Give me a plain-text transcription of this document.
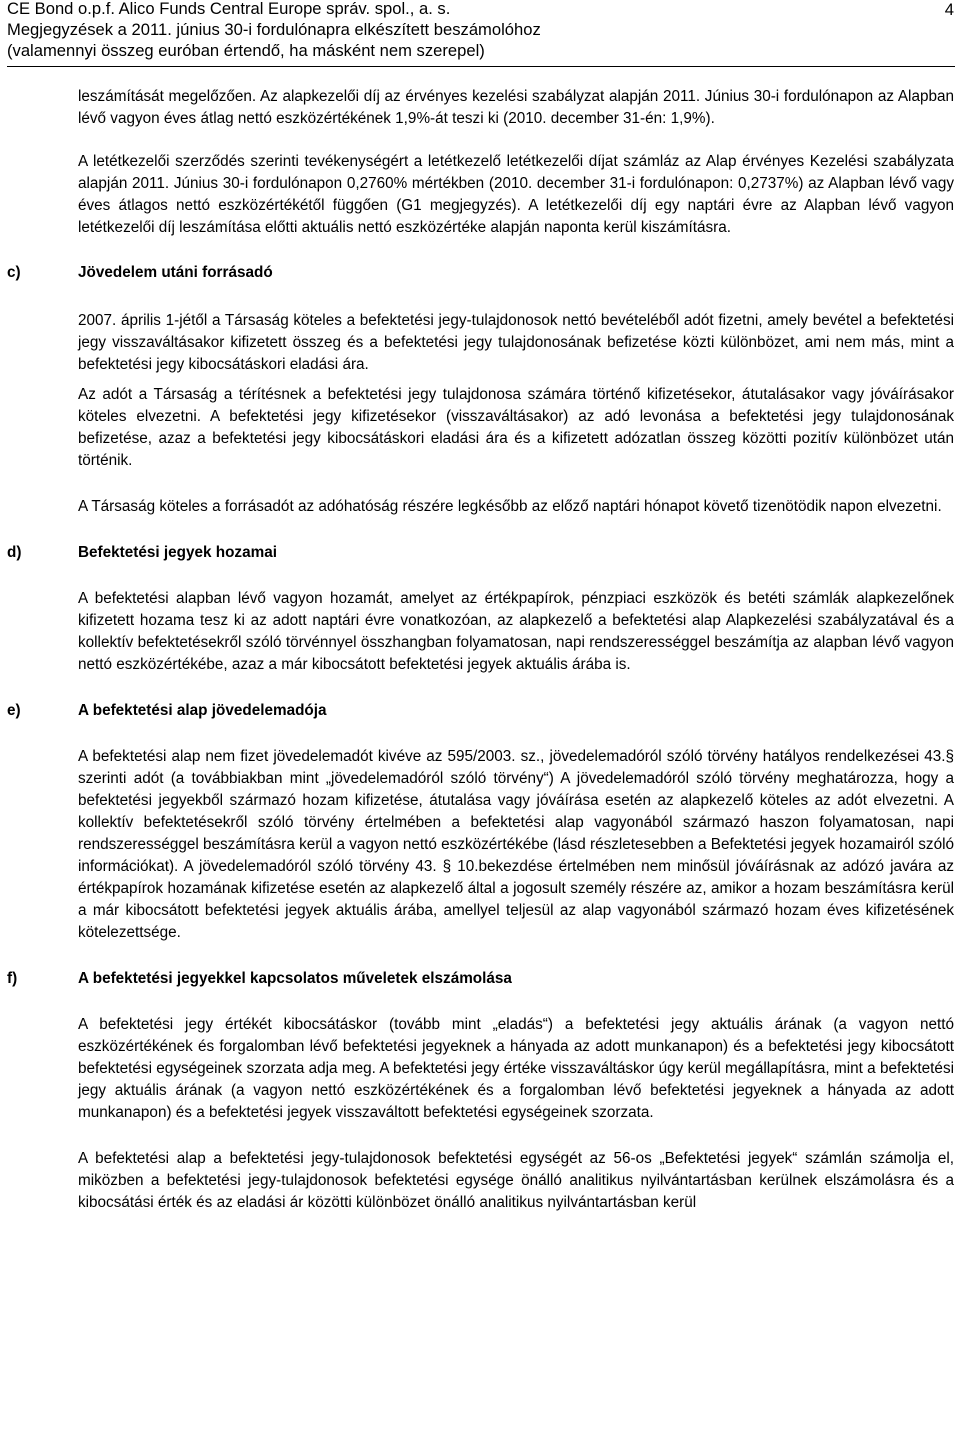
CE Bond o.p.f. Alico Funds Central Europe správ. spol., a. s.
Megjegyzések a 2011. június 30-i fordulónapra elkészített beszámolóhoz
(valamennyi összeg euróban értendő, ha másként nem szerepel)
4

leszámítását megelőzően. Az alapkezelői díj az érvényes kezelési szabályzat alapján 2011. Június 30-i fordulónapon az Alapban lévő vagyon éves átlag nettó eszközértékének 1,9%-át teszi ki (2010. december 31-én: 1,9%).

A letétkezelői szerződés szerinti tevékenységért a letétkezelő letétkezelői díjat számláz az Alap érvényes Kezelési szabályzata alapján 2011. Június 30-i fordulónapon 0,2760% mértékben (2010. december 31-i fordulónapon: 0,2737%) az Alapban lévő vagy éves átlagos nettó eszközértékétől függően (G1 megjegyzés). A letétkezelői díj egy naptári évre az Alapban lévő vagyon letétkezelői díj leszámítása előtti aktuális nettó eszközértéke alapján naponta kerül kiszámításra.

c)	Jövedelem utáni forrásadó

2007. április 1-jétől a Társaság köteles a befektetési jegy-tulajdonosok nettó bevételéből adót fizetni, amely bevétel a befektetési jegy visszaváltásakor kifizetett összeg és a befektetési jegy tulajdonosának befizetése közti különbözet, ami nem más, mint a befektetési jegy kibocsátáskori eladási ára.

Az adót a Társaság a térítésnek a befektetési jegy tulajdonosa számára történő kifizetésekor, átutalásakor vagy jóváírásakor köteles elvezetni. A befektetési jegy kifizetésekor (visszaváltásakor) az adó levonása a befektetési jegy tulajdonosának befizetése, azaz a befektetési jegy kibocsátáskori eladási ára és a kifizetett adózatlan összeg közötti pozitív különbözet után történik.

A Társaság köteles a forrásadót az adóhatóság részére legkésőbb az előző naptári hónapot követő tizenötödik napon elvezetni.

d)	Befektetési jegyek hozamai

A befektetési alapban lévő vagyon hozamát, amelyet az értékpapírok, pénzpiaci eszközök és betéti számlák alapkezelőnek kifizetett hozama tesz ki az adott naptári évre vonatkozóan, az alapkezelő a befektetési alap Alapkezelési szabályzatával és a kollektív befektetésekről szóló törvénnyel összhangban folyamatosan, napi rendszerességgel beszámítja az alapban lévő vagyon nettó eszközértékébe, azaz a már kibocsátott befektetési jegyek aktuális árába is.

e)	A befektetési alap jövedelemadója

A befektetési alap nem fizet jövedelemadót kivéve az 595/2003. sz., jövedelemadóról szóló törvény hatályos rendelkezései 43.§ szerinti adót (a továbbiakban mint „jövedelemadóról szóló törvény“) A jövedelemadóról szóló törvény meghatározza, hogy a befektetési jegyekből származó hozam kifizetése, átutalása vagy jóváírása esetén az alapkezelő köteles az adót elvezetni. A kollektív befektetésekről szóló törvény értelmében a befektetési alap vagyonából származó haszon folyamatosan, napi rendszerességgel beszámításra kerül a vagyon nettó eszközértékébe (lásd részletesebben a Befektetési jegyek hozamairól szóló információkat). A jövedelemadóról szóló törvény 43. § 10.bekezdése értelmében nem minősül jóváírásnak az adózó javára az értékpapírok hozamának kifizetése esetén az alapkezelő által a jogosult személy részére az, amikor a hozam beszámításra kerül a már kibocsátott befektetési jegyek aktuális árába, amellyel teljesül az alap vagyonából származó hozam éves kifizetésének kötelezettsége.

f)	A befektetési jegyekkel kapcsolatos műveletek elszámolása

A befektetési jegy értékét kibocsátáskor (tovább mint „eladás“) a befektetési jegy aktuális árának (a vagyon nettó eszközértékének és forgalomban lévő befektetési jegyeknek a hányada az adott munkanapon) és a befektetési jegy kibocsátott befektetési egységeinek szorzata adja meg. A befektetési jegy értéke visszaváltáskor úgy kerül megállapításra, mint a befektetési jegy aktuális árának (a vagyon nettó eszközértékének és a forgalomban lévő befektetési jegyeknek a hányada az adott munkanapon) és a befektetési jegyek visszaváltott befektetési egységeinek szorzata.

A befektetési alap a befektetési jegy-tulajdonosok befektetési egységét az 56-os „Befektetési jegyek“ számlán számolja el, miközben a befektetési jegy-tulajdonosok befektetési egysége önálló analitikus nyilvántartásban kerülnek elszámolásra és a kibocsátási érték és az eladási ár közötti különbözet önálló analitikus nyilvántartásban kerül
